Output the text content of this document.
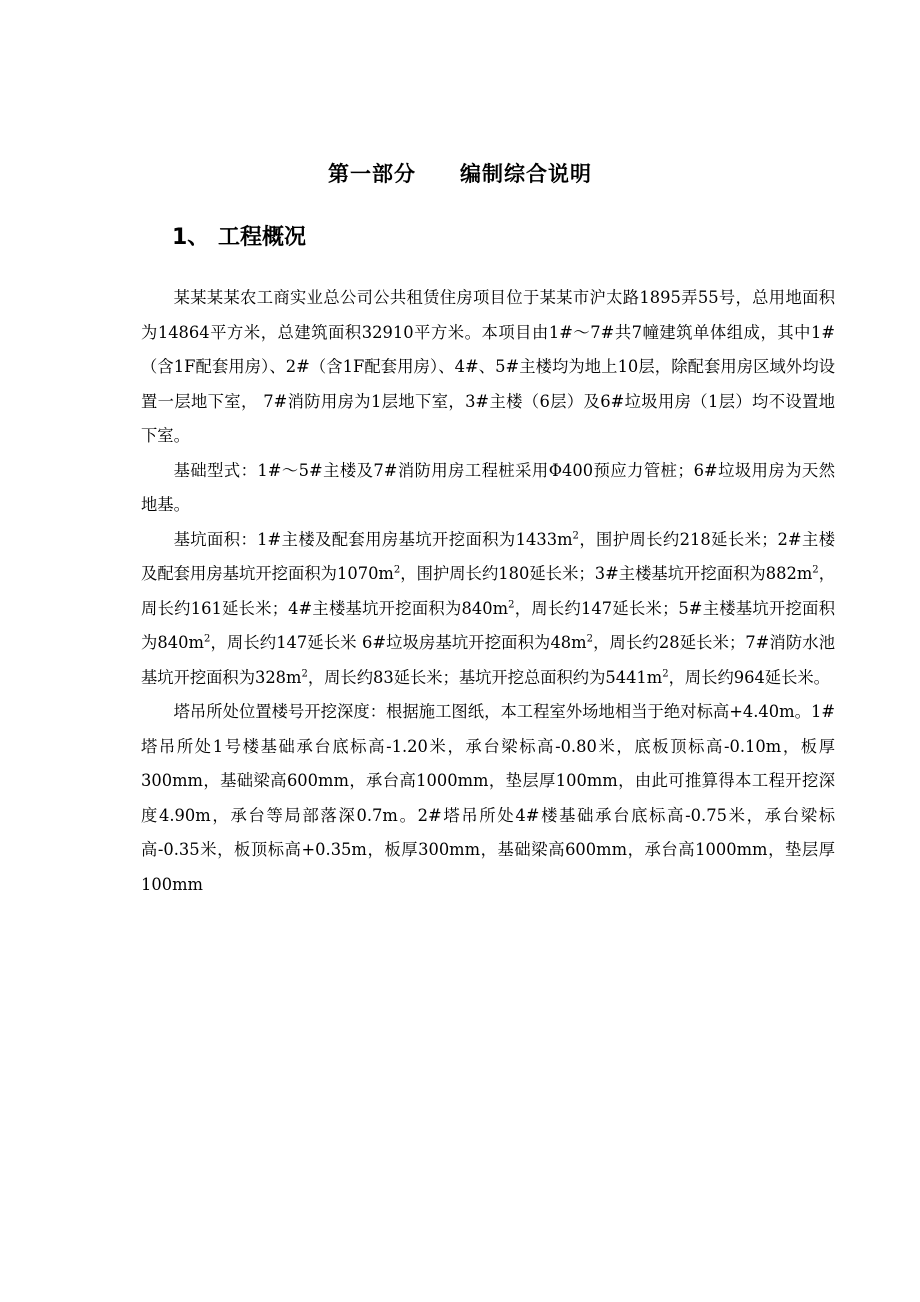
第一部分 编制综合说明
1、 工程概况

某某某某农工商实业总公司公共租赁住房项目位于某某市沪太路1895弄55号，总用地面积为14864平方米，总建筑面积32910平方米。本项目由1#～7#共7幢建筑单体组成，其中1#（含1F配套用房）、2#（含1F配套用房）、4#、5#主楼均为地上10层，除配套用房区域外均设置一层地下室， 7#消防用房为1层地下室，3#主楼（6层）及6#垃圾用房（1层）均不设置地下室。

基础型式：1#～5#主楼及7#消防用房工程桩采用Φ400预应力管桩；6#垃圾用房为天然地基。

基坑面积：1#主楼及配套用房基坑开挖面积为$1433m^2$，围护周长约218延长米；2#主楼及配套用房基坑开挖面积为$1070m^2$，围护周长约180延长米；3#主楼基坑开挖面积为$882m^2$，周长约161延长米；4#主楼基坑开挖面积为$840m^2$，周长约147延长米；5#主楼基坑开挖面积为$840m^2$，周长约147延长米 6#垃圾房基坑开挖面积为$48m^2$，周长约28延长米；7#消防水池基坑开挖面积为$328m^2$，周长约83延长米；基坑开挖总面积约为$5441m^2$，周长约964延长米。

塔吊所处位置楼号开挖深度：根据施工图纸，本工程室外场地相当于绝对标高+4.40m。1#塔吊所处1号楼基础承台底标高-1.20米，承台梁标高-0.80米，底板顶标高-0.10m，板厚300mm，基础梁高600mm，承台高1000mm，垫层厚100mm，由此可推算得本工程开挖深度4.90m，承台等局部落深0.7m。2#塔吊所处4#楼基础承台底标高-0.75米，承台梁标高-0.35米，板顶标高+0.35m，板厚300mm，基础梁高600mm，承台高1000mm，垫层厚100mm
